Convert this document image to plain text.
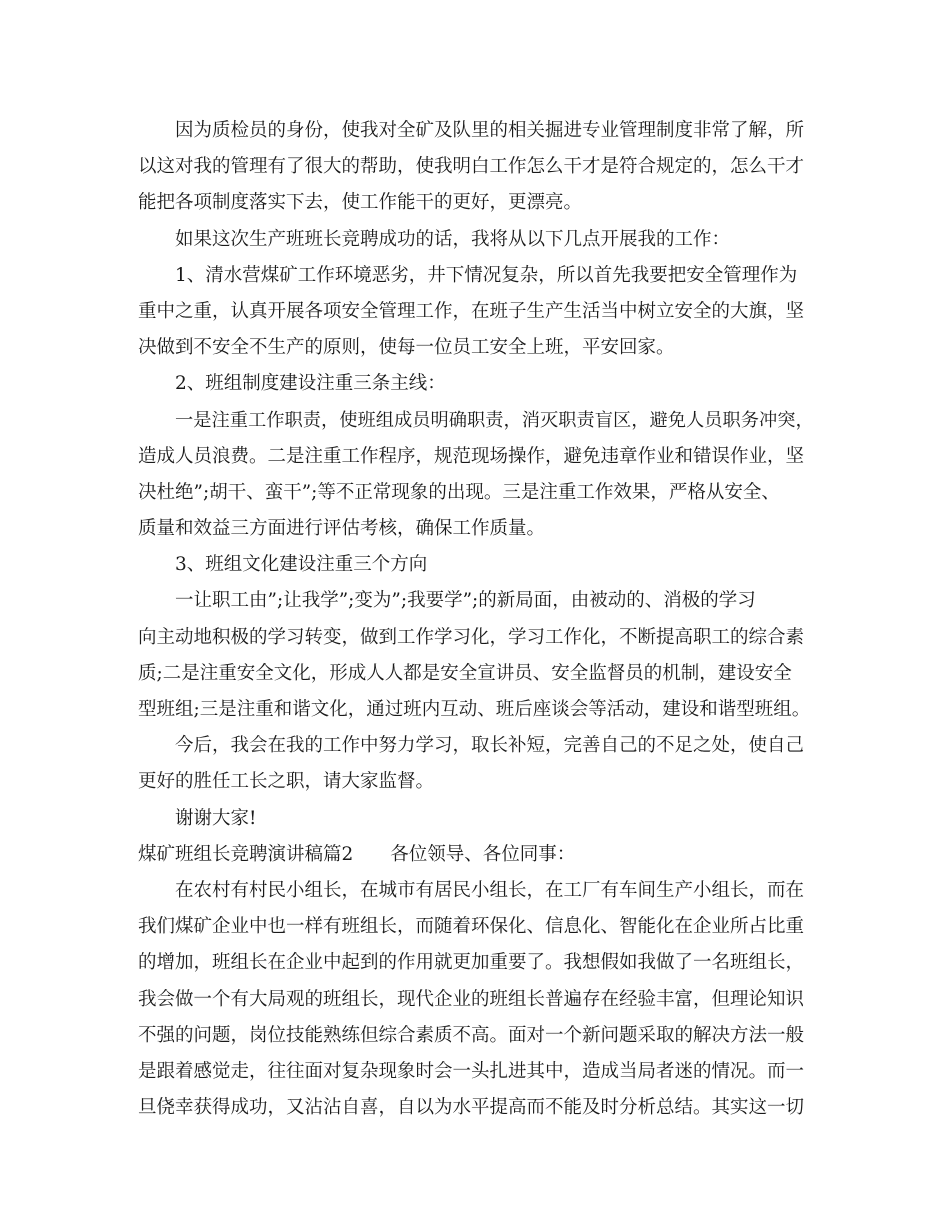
因为质检员的身份，使我对全矿及队里的相关掘进专业管理制度非常了解，所
以这对我的管理有了很大的帮助，使我明白工作怎么干才是符合规定的，怎么干才
能把各项制度落实下去，使工作能干的更好，更漂亮。
如果这次生产班班长竞聘成功的话，我将从以下几点开展我的工作：
1、清水营煤矿工作环境恶劣，井下情况复杂，所以首先我要把安全管理作为
重中之重，认真开展各项安全管理工作，在班子生产生活当中树立安全的大旗，坚
决做到不安全不生产的原则，使每一位员工安全上班，平安回家。
2、班组制度建设注重三条主线：
一是注重工作职责，使班组成员明确职责，消灭职责盲区，避免人员职务冲突，
造成人员浪费。二是注重工作程序，规范现场操作，避免违章作业和错误作业，坚
决杜绝”;胡干、蛮干”;等不正常现象的出现。三是注重工作效果，严格从安全、
质量和效益三方面进行评估考核，确保工作质量。
3、班组文化建设注重三个方向
一让职工由”;让我学”;变为”;我要学”;的新局面，由被动的、消极的学习
向主动地积极的学习转变，做到工作学习化，学习工作化，不断提高职工的综合素
质;二是注重安全文化，形成人人都是安全宣讲员、安全监督员的机制，建设安全
型班组;三是注重和谐文化，通过班内互动、班后座谈会等活动，建设和谐型班组。
今后，我会在我的工作中努力学习，取长补短，完善自己的不足之处，使自己
更好的胜任工长之职，请大家监督。
谢谢大家!
煤矿班组长竞聘演讲稿篇2　　各位领导、各位同事：
在农村有村民小组长，在城市有居民小组长，在工厂有车间生产小组长，而在
我们煤矿企业中也一样有班组长，而随着环保化、信息化、智能化在企业所占比重
的增加，班组长在企业中起到的作用就更加重要了。我想假如我做了一名班组长，
我会做一个有大局观的班组长，现代企业的班组长普遍存在经验丰富，但理论知识
不强的问题，岗位技能熟练但综合素质不高。面对一个新问题采取的解决方法一般
是跟着感觉走，往往面对复杂现象时会一头扎进其中，造成当局者迷的情况。而一
旦侥幸获得成功，又沾沾自喜，自以为水平提高而不能及时分析总结。其实这一切
